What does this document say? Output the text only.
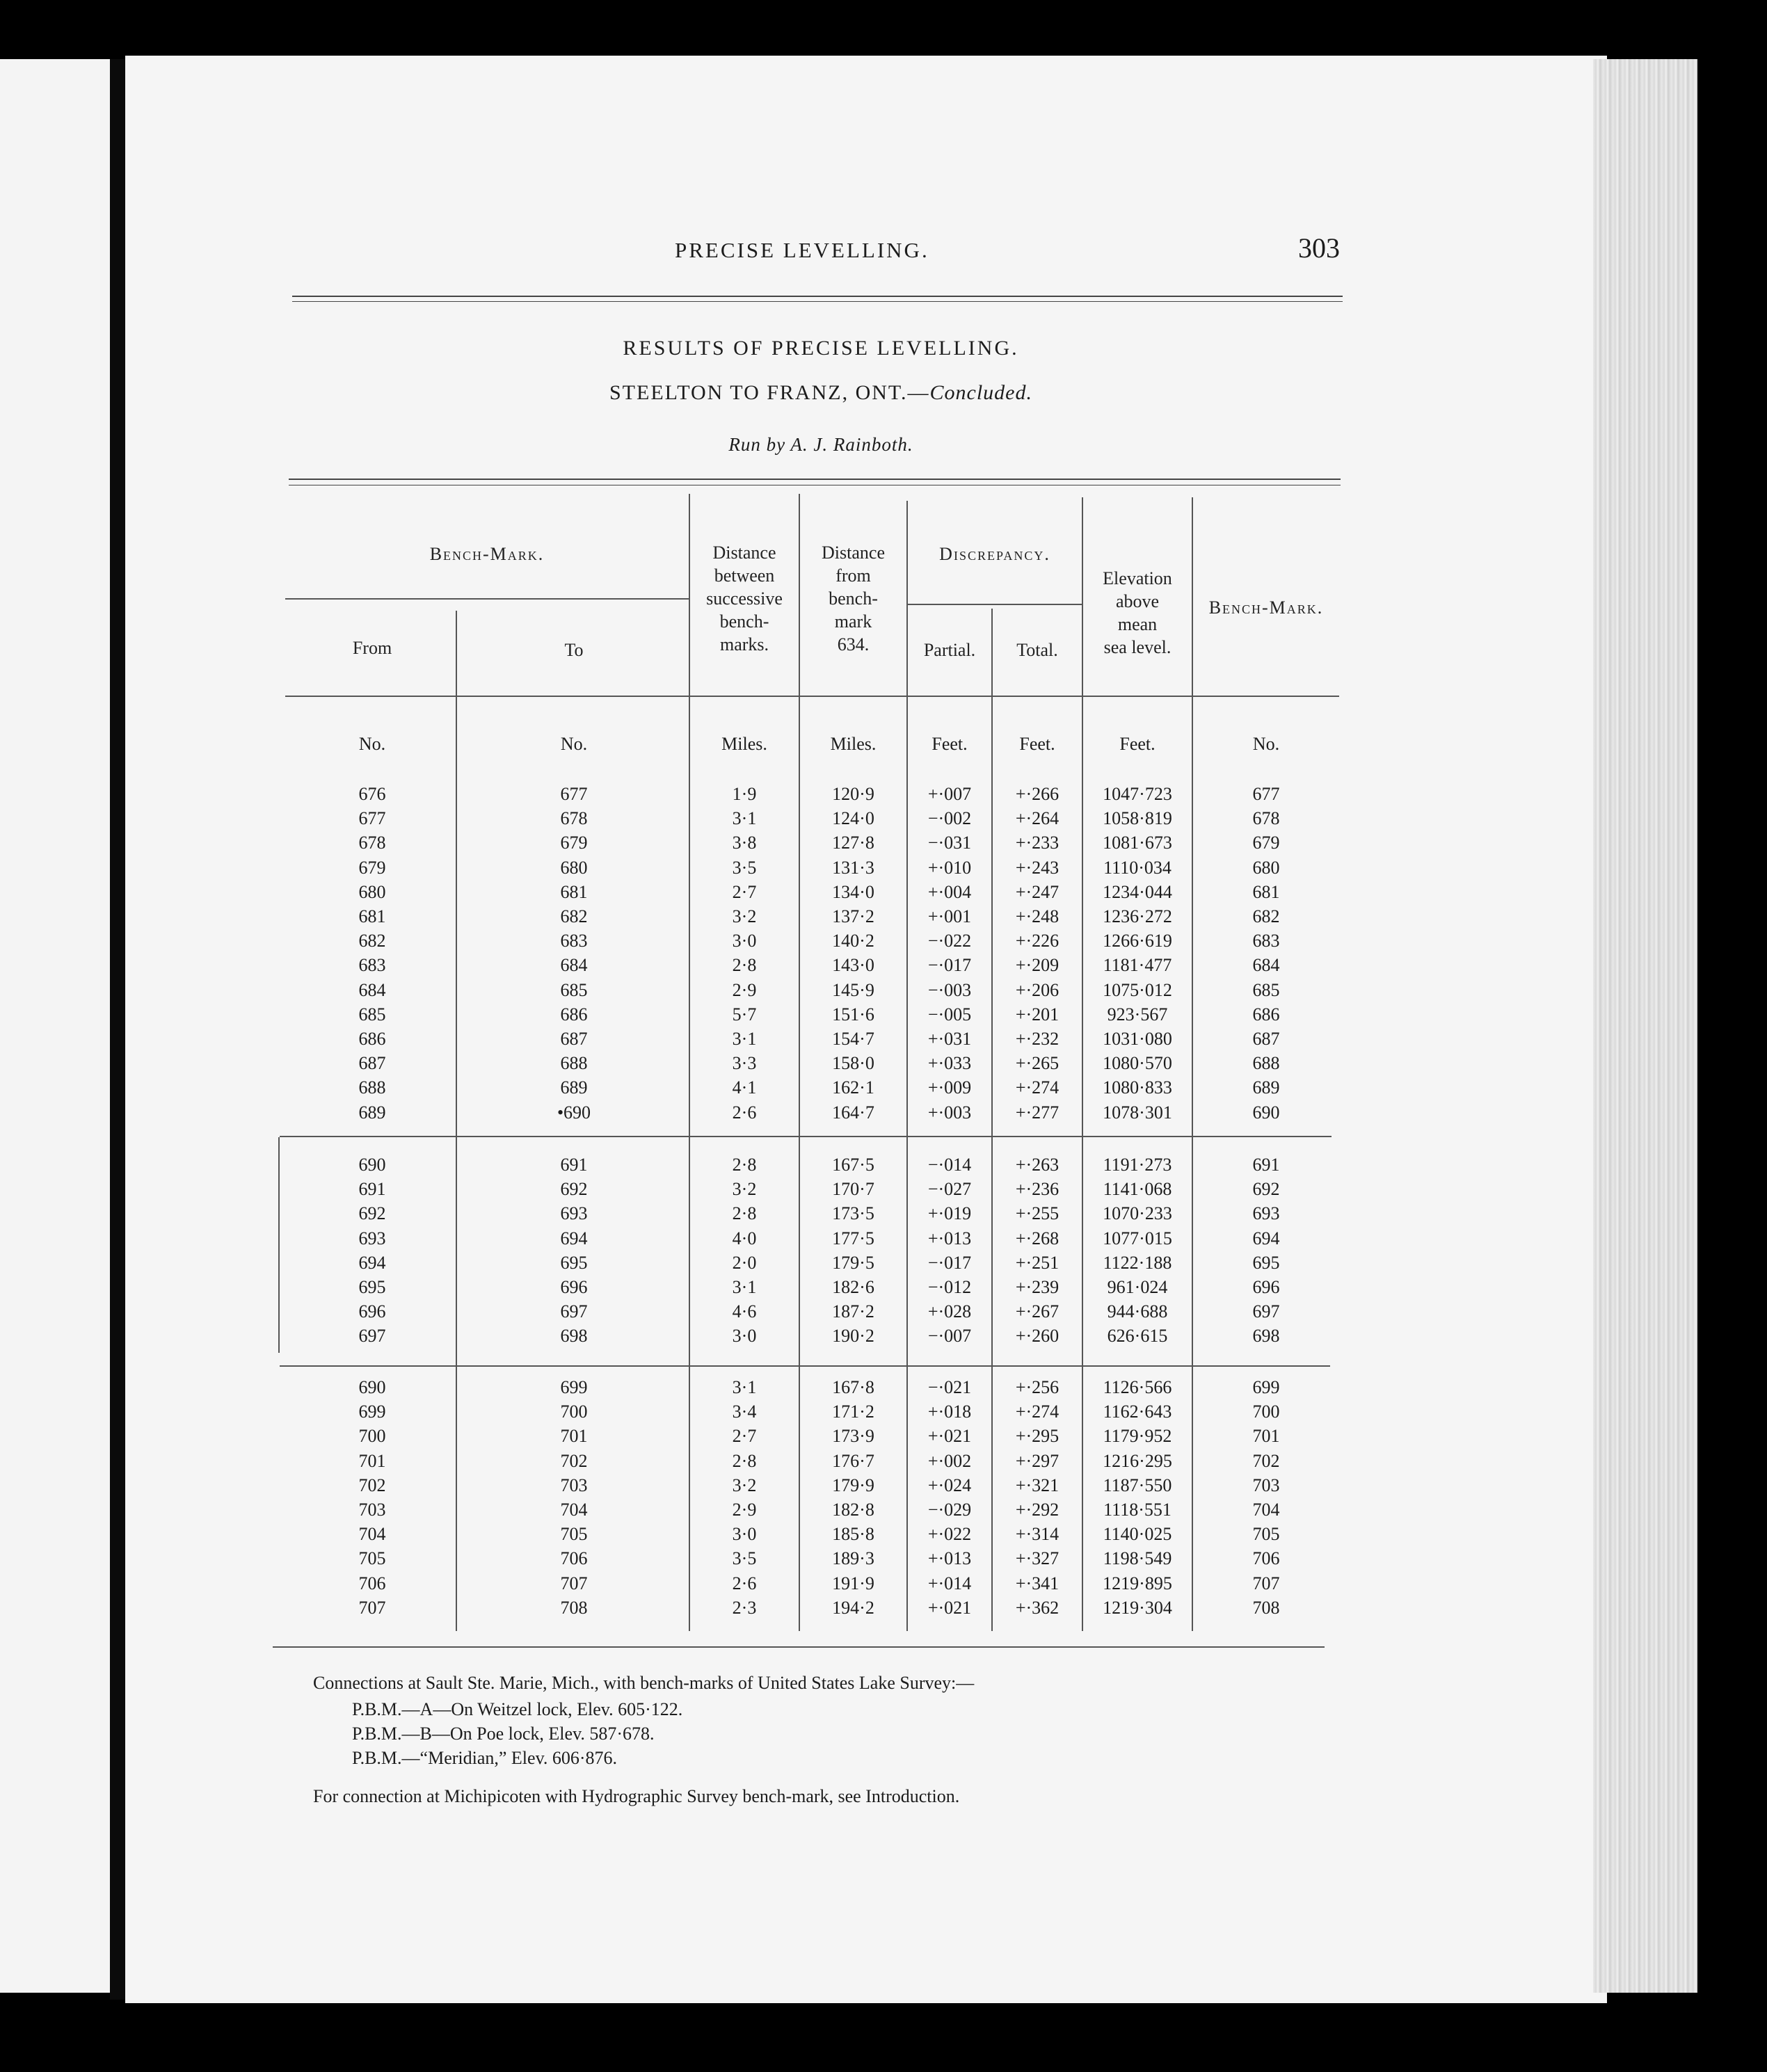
PRECISE LEVELLING.	303
RESULTS OF PRECISE LEVELLING.
STEELTON TO FRANZ, ONT.—Concluded.
Run by A. J. Rainboth.
Bench-Mark.
From	To
Distance
between
successive
bench-
marks.
Distance
from
bench-
mark
634.
Discrepancy.
Partial.	Total.
Elevation
above
mean
sea level.
Bench-Mark.
No.	No.	Miles.	Miles.	Feet.	Feet.	Feet.	No.
676	677	1·9	120·9	+·007	+·266	1047·723	677
677	678	3·1	124·0	−·002	+·264	1058·819	678
678	679	3·8	127·8	−·031	+·233	1081·673	679
679	680	3·5	131·3	+·010	+·243	1110·034	680
680	681	2·7	134·0	+·004	+·247	1234·044	681
681	682	3·2	137·2	+·001	+·248	1236·272	682
682	683	3·0	140·2	−·022	+·226	1266·619	683
683	684	2·8	143·0	−·017	+·209	1181·477	684
684	685	2·9	145·9	−·003	+·206	1075·012	685
685	686	5·7	151·6	−·005	+·201	923·567	686
686	687	3·1	154·7	+·031	+·232	1031·080	687
687	688	3·3	158·0	+·033	+·265	1080·570	688
688	689	4·1	162·1	+·009	+·274	1080·833	689
689	•690	2·6	164·7	+·003	+·277	1078·301	690
690	691	2·8	167·5	−·014	+·263	1191·273	691
691	692	3·2	170·7	−·027	+·236	1141·068	692
692	693	2·8	173·5	+·019	+·255	1070·233	693
693	694	4·0	177·5	+·013	+·268	1077·015	694
694	695	2·0	179·5	−·017	+·251	1122·188	695
695	696	3·1	182·6	−·012	+·239	961·024	696
696	697	4·6	187·2	+·028	+·267	944·688	697
697	698	3·0	190·2	−·007	+·260	626·615	698
690	699	3·1	167·8	−·021	+·256	1126·566	699
699	700	3·4	171·2	+·018	+·274	1162·643	700
700	701	2·7	173·9	+·021	+·295	1179·952	701
701	702	2·8	176·7	+·002	+·297	1216·295	702
702	703	3·2	179·9	+·024	+·321	1187·550	703
703	704	2·9	182·8	−·029	+·292	1118·551	704
704	705	3·0	185·8	+·022	+·314	1140·025	705
705	706	3·5	189·3	+·013	+·327	1198·549	706
706	707	2·6	191·9	+·014	+·341	1219·895	707
707	708	2·3	194·2	+·021	+·362	1219·304	708
Connections at Sault Ste. Marie, Mich., with bench-marks of United States Lake Survey:—
P.B.M.—A—On Weitzel lock, Elev. 605·122.
P.B.M.—B—On Poe lock, Elev. 587·678.
P.B.M.—“Meridian,” Elev. 606·876.
For connection at Michipicoten with Hydrographic Survey bench-mark, see Introduction.
